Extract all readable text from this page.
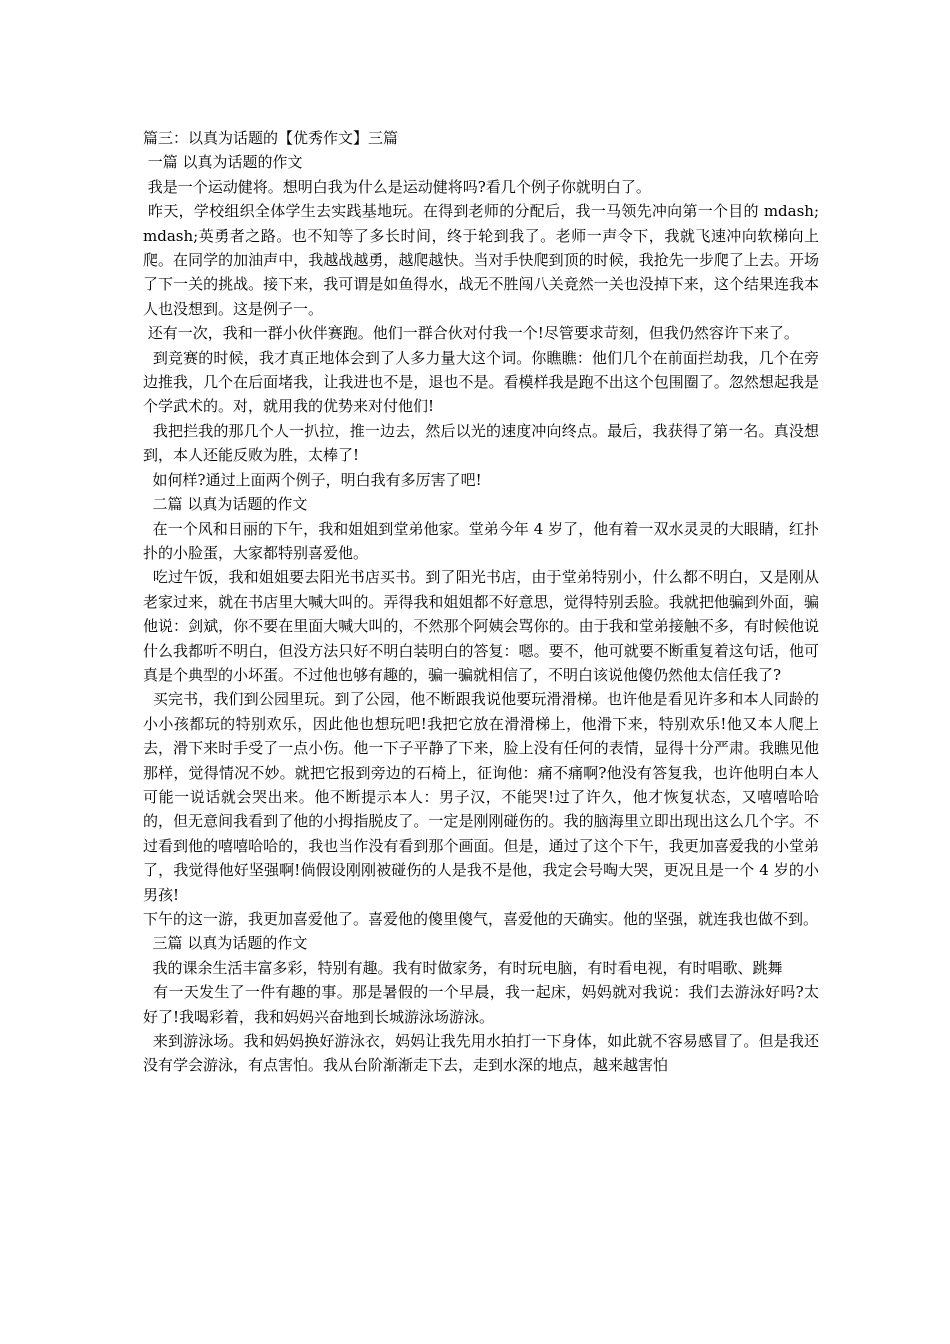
篇三：以真为话题的【优秀作文】三篇

一篇 以真为话题的作文

我是一个运动健将。想明白我为什么是运动健将吗?看几个例子你就明白了。

昨天，学校组织全体学生去实践基地玩。在得到老师的分配后，我一马领先冲向第一个目的 mdash;mdash;英勇者之路。也不知等了多长时间，终于轮到我了。老师一声令下，我就飞速冲向软梯向上爬。在同学的加油声中，我越战越勇，越爬越快。当对手快爬到顶的时候，我抢先一步爬了上去。开场了下一关的挑战。接下来，我可谓是如鱼得水，战无不胜闯八关竟然一关也没掉下来，这个结果连我本人也没想到。这是例子一。

还有一次，我和一群小伙伴赛跑。他们一群合伙对付我一个!尽管要求苛刻，但我仍然容许下来了。

到竞赛的时候，我才真正地体会到了人多力量大这个词。你瞧瞧：他们几个在前面拦劫我，几个在旁边推我，几个在后面堵我，让我进也不是，退也不是。看模样我是跑不出这个包围圈了。忽然想起我是个学武术的。对，就用我的优势来对付他们!

我把拦我的那几个人一扒拉，推一边去，然后以光的速度冲向终点。最后，我获得了第一名。真没想到，本人还能反败为胜，太棒了!

如何样?通过上面两个例子，明白我有多厉害了吧!

二篇 以真为话题的作文

在一个风和日丽的下午，我和姐姐到堂弟他家。堂弟今年 4 岁了，他有着一双水灵灵的大眼睛，红扑扑的小脸蛋，大家都特别喜爱他。

吃过午饭，我和姐姐要去阳光书店买书。到了阳光书店，由于堂弟特别小，什么都不明白，又是刚从老家过来，就在书店里大喊大叫的。弄得我和姐姐都不好意思，觉得特别丢脸。我就把他骗到外面，骗他说：剑斌，你不要在里面大喊大叫的，不然那个阿姨会骂你的。由于我和堂弟接触不多，有时候他说什么我都听不明白，但没方法只好不明白装明白的答复：嗯。要不，他可就要不断重复着这句话，他可真是个典型的小坏蛋。不过他也够有趣的，骗一骗就相信了，不明白该说他傻仍然他太信任我了?

买完书，我们到公园里玩。到了公园，他不断跟我说他要玩滑滑梯。也许他是看见许多和本人同龄的小小孩都玩的特别欢乐，因此他也想玩吧!我把它放在滑滑梯上，他滑下来，特别欢乐!他又本人爬上去，滑下来时手受了一点小伤。他一下子平静了下来，脸上没有任何的表情，显得十分严肃。我瞧见他那样，觉得情况不妙。就把它报到旁边的石椅上，征询他：痛不痛啊?他没有答复我，也许他明白本人可能一说话就会哭出来。他不断提示本人：男子汉，不能哭!过了许久，他才恢复状态，又嘻嘻哈哈的，但无意间我看到了他的小拇指脱皮了。一定是刚刚碰伤的。我的脑海里立即出现出这么几个字。不过看到他的嘻嘻哈哈的，我也当作没有看到那个画面。但是，通过了这个下午，我更加喜爱我的小堂弟了，我觉得他好坚强啊!倘假设刚刚被碰伤的人是我不是他，我定会号啕大哭，更况且是一个 4 岁的小男孩!

下午的这一游，我更加喜爱他了。喜爱他的傻里傻气，喜爱他的天确实。他的坚强，就连我也做不到。

三篇 以真为话题的作文

我的课余生活丰富多彩，特别有趣。我有时做家务，有时玩电脑，有时看电视，有时唱歌、跳舞

有一天发生了一件有趣的事。那是暑假的一个早晨，我一起床，妈妈就对我说：我们去游泳好吗?太好了!我喝彩着，我和妈妈兴奋地到长城游泳场游泳。

来到游泳场。我和妈妈换好游泳衣，妈妈让我先用水拍打一下身体，如此就不容易感冒了。但是我还没有学会游泳，有点害怕。我从台阶渐渐走下去，走到水深的地点，越来越害怕
